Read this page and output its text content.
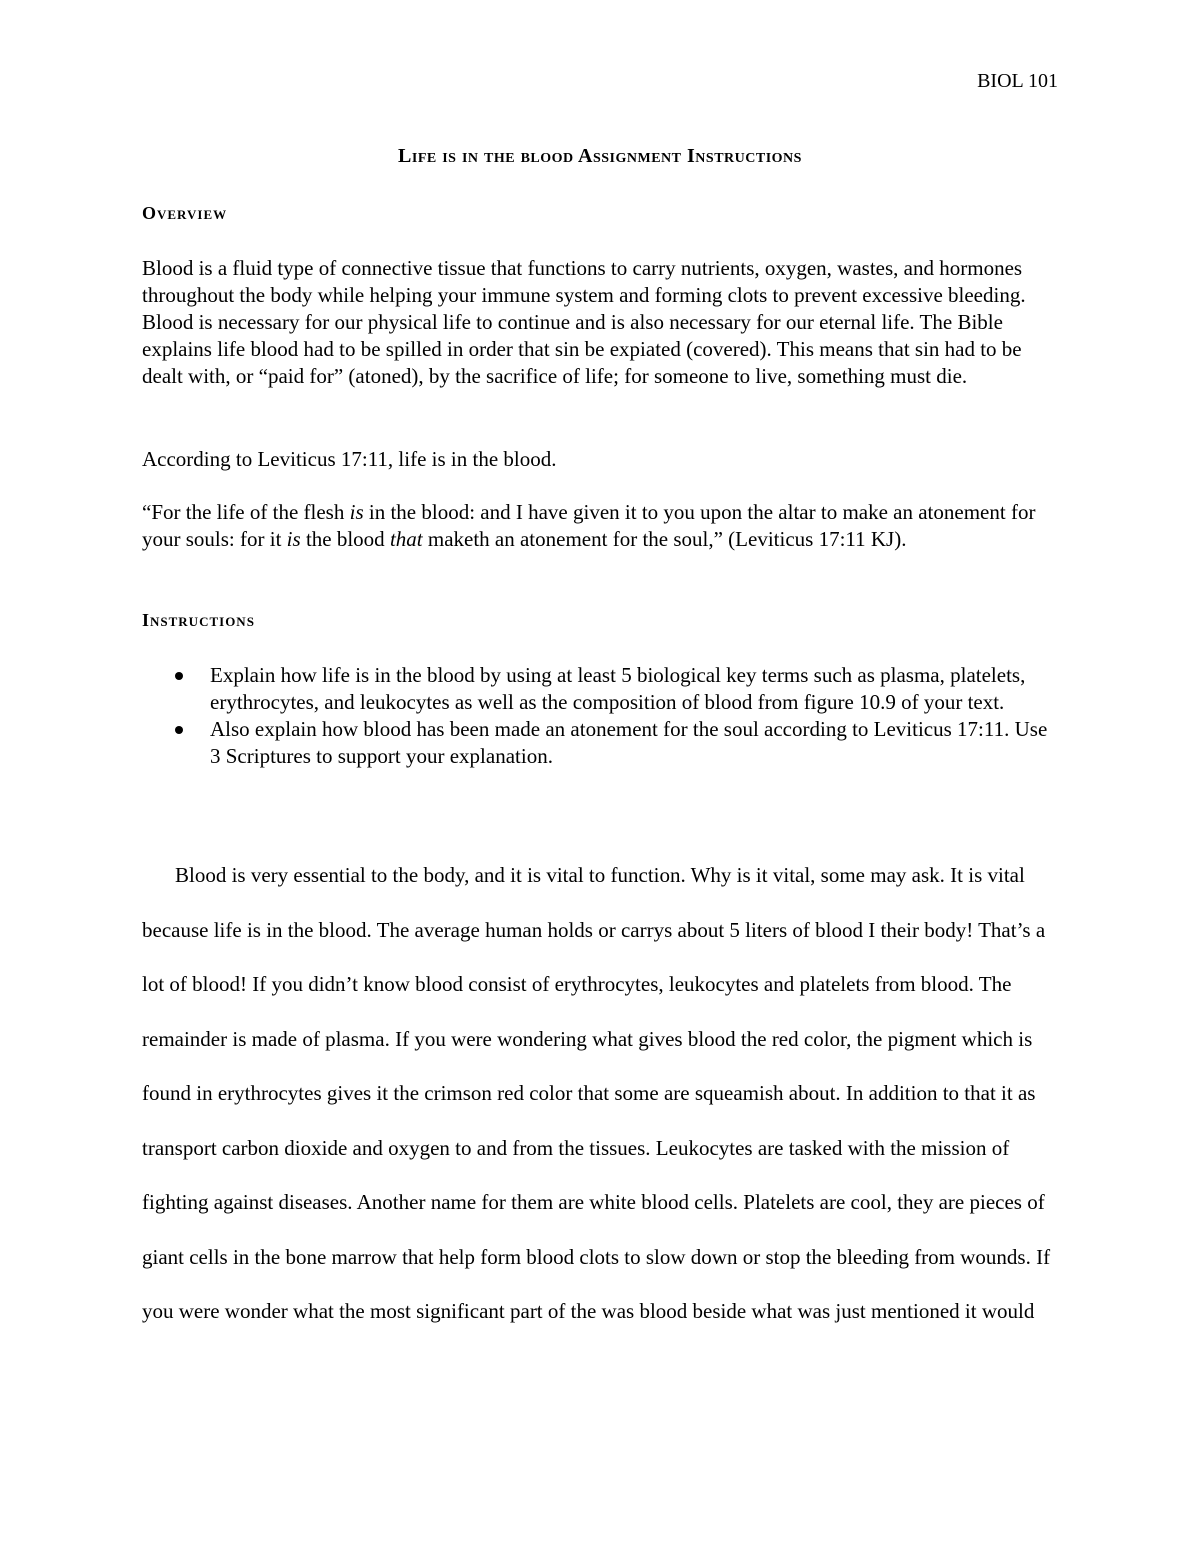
BIOL 101
Life is in the blood Assignment Instructions
Overview

Blood is a fluid type of connective tissue that functions to carry nutrients, oxygen, wastes, and hormones throughout the body while helping your immune system and forming clots to prevent excessive bleeding. Blood is necessary for our physical life to continue and is also necessary for our eternal life. The Bible explains life blood had to be spilled in order that sin be expiated (covered). This means that sin had to be dealt with, or “paid for” (atoned), by the sacrifice of life; for someone to live, something must die.

According to Leviticus 17:11, life is in the blood.

“For the life of the flesh is in the blood: and I have given it to you upon the altar to make an atonement for your souls: for it is the blood that maketh an atonement for the soul,” (Leviticus 17:11 KJ).

Instructions
Explain how life is in the blood by using at least 5 biological key terms such as plasma, platelets, erythrocytes, and leukocytes as well as the composition of blood from figure 10.9 of your text.
Also explain how blood has been made an atonement for the soul according to Leviticus 17:11. Use 3 Scriptures to support your explanation.

Blood is very essential to the body, and it is vital to function. Why is it vital, some may ask. It is vital because life is in the blood. The average human holds or carrys about 5 liters of blood I their body! That’s a lot of blood! If you didn’t know blood consist of erythrocytes, leukocytes and platelets from blood. The remainder is made of plasma. If you were wondering what gives blood the red color, the pigment which is found in erythrocytes gives it the crimson red color that some are squeamish about. In addition to that it as transport carbon dioxide and oxygen to and from the tissues. Leukocytes are tasked with the mission of fighting against diseases. Another name for them are white blood cells. Platelets are cool, they are pieces of giant cells in the bone marrow that help form blood clots to slow down or stop the bleeding from wounds. If you were wonder what the most significant part of the was blood beside what was just mentioned it would
